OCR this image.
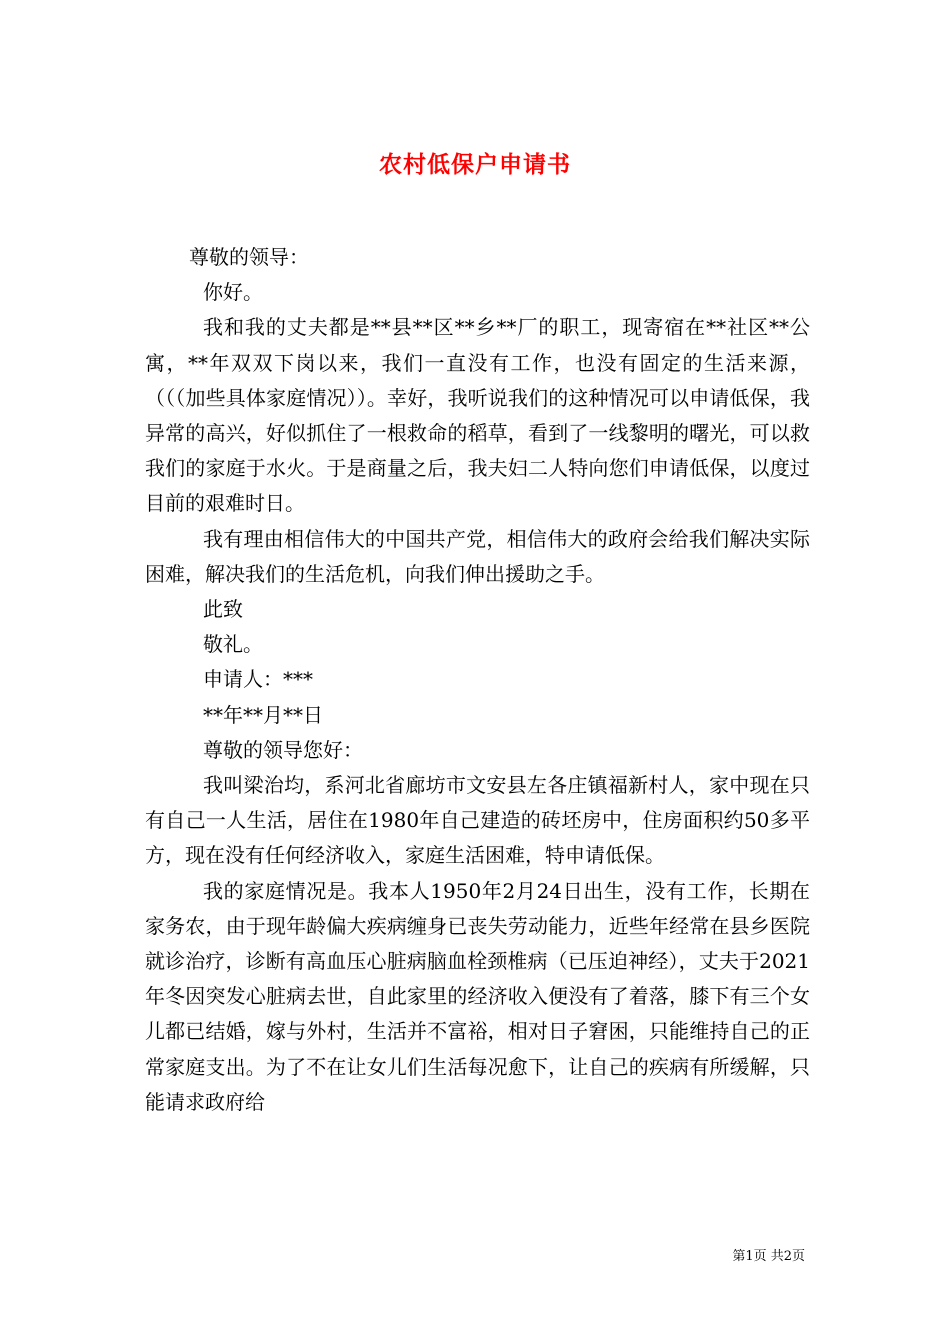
农村低保户申请书

尊敬的领导：

你好。

我和我的丈夫都是**县**区**乡**厂的职工，现寄宿在**社区**公寓，**年双双下岗以来，我们一直没有工作，也没有固定的生活来源，（（（加些具体家庭情况））。幸好，我听说我们的这种情况可以申请低保，我异常的高兴，好似抓住了一根救命的稻草，看到了一线黎明的曙光，可以救我们的家庭于水火。于是商量之后，我夫妇二人特向您们申请低保，以度过目前的艰难时日。

我有理由相信伟大的中国共产党，相信伟大的政府会给我们解决实际困难，解决我们的生活危机，向我们伸出援助之手。

此致

敬礼。

申请人：***

**年**月**日

尊敬的领导您好：

我叫梁治均，系河北省廊坊市文安县左各庄镇福新村人，家中现在只有自己一人生活，居住在1980年自己建造的砖坯房中，住房面积约50多平方，现在没有任何经济收入，家庭生活困难，特申请低保。

我的家庭情况是。我本人1950年2月24日出生，没有工作，长期在家务农，由于现年龄偏大疾病缠身已丧失劳动能力，近些年经常在县乡医院就诊治疗，诊断有高血压心脏病脑血栓颈椎病（已压迫神经），丈夫于2021年冬因突发心脏病去世，自此家里的经济收入便没有了着落，膝下有三个女儿都已结婚，嫁与外村，生活并不富裕，相对日子窘困，只能维持自己的正常家庭支出。为了不在让女儿们生活每况愈下，让自己的疾病有所缓解，只能请求政府给

第1页 共2页
